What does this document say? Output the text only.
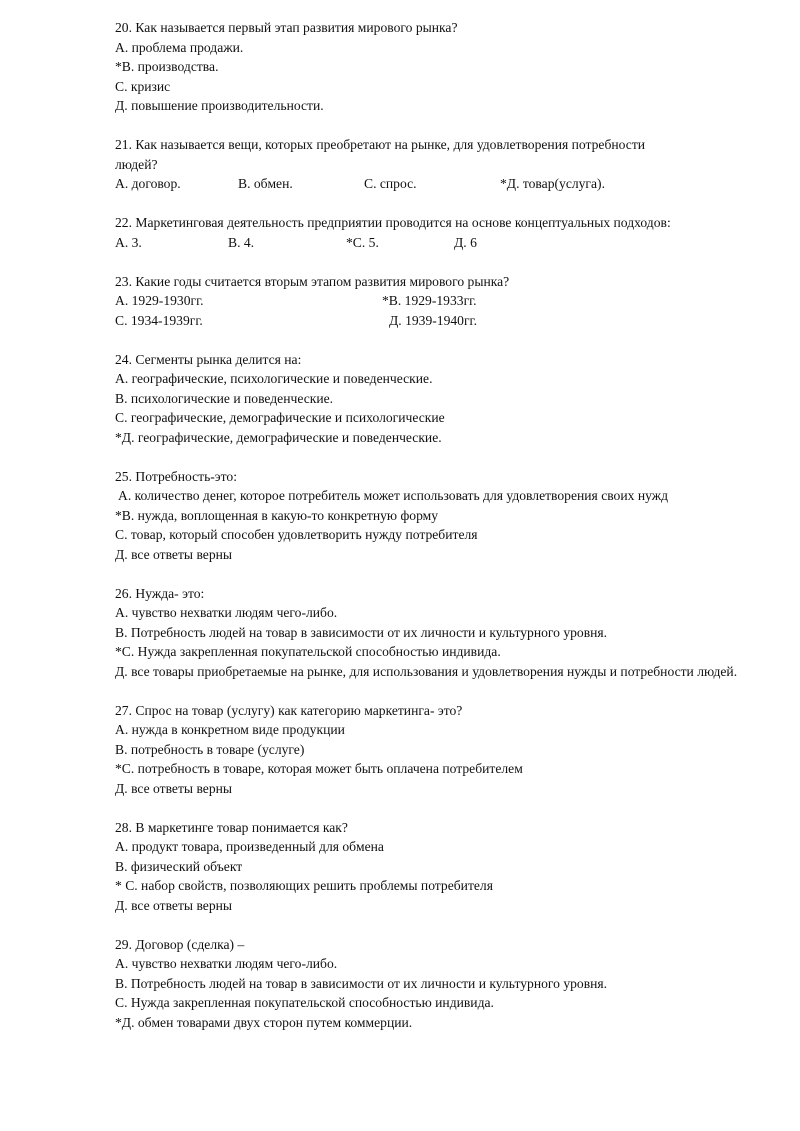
20. Как называется первый этап развития мирового рынка?
А. проблема продажи.
*В. производства.
С. кризис
Д. повышение производительности.
21. Как называется вещи, которых преобретают на рынке, для удовлетворения потребности
людей?
А. договор.	В. обмен.	С. спрос.	*Д. товар(услуга).
22. Маркетинговая деятельность предприятии проводится на основе концептуальных подходов:
А. 3.	В. 4.	*С. 5.	Д. 6
23. Какие годы считается вторым этапом развития мирового рынка?
А. 1929-1930гг.	*В. 1929-1933гг.
С. 1934-1939гг.	Д. 1939-1940гг.
24. Сегменты рынка делится на:
А. географические, психологические и поведенческие.
В. психологические и поведенческие.
С. географические, демографические и психологические
*Д. географические, демографические и поведенческие.
25. Потребность-это:
А. количество денег, которое потребитель может использовать для удовлетворения своих нужд
*В. нужда, воплощенная в какую-то конкретную форму
С. товар, который способен удовлетворить нужду потребителя
Д. все ответы верны
26. Нужда- это:
А. чувство нехватки людям чего-либо.
В. Потребность людей на товар в зависимости от их личности и культурного уровня.
*С. Нужда закрепленная покупательской способностью индивида.
Д. все товары приобретаемые на рынке, для использования и удовлетворения нужды и потребности людей.
27. Спрос на товар (услугу) как категорию маркетинга- это?
А. нужда в конкретном виде продукции
В. потребность в товаре (услуге)
*С. потребность в товаре, которая может быть оплачена потребителем
Д. все ответы верны
28. В маркетинге товар понимается как?
А. продукт товара, произведенный для обмена
В. физический объект
* С. набор свойств, позволяющих решить проблемы потребителя
Д. все ответы верны
29. Договор (сделка) –
А. чувство нехватки людям чего-либо.
В. Потребность людей на товар в зависимости от их личности и культурного уровня.
С. Нужда закрепленная покупательской способностью индивида.
*Д. обмен товарами двух сторон путем коммерции.
